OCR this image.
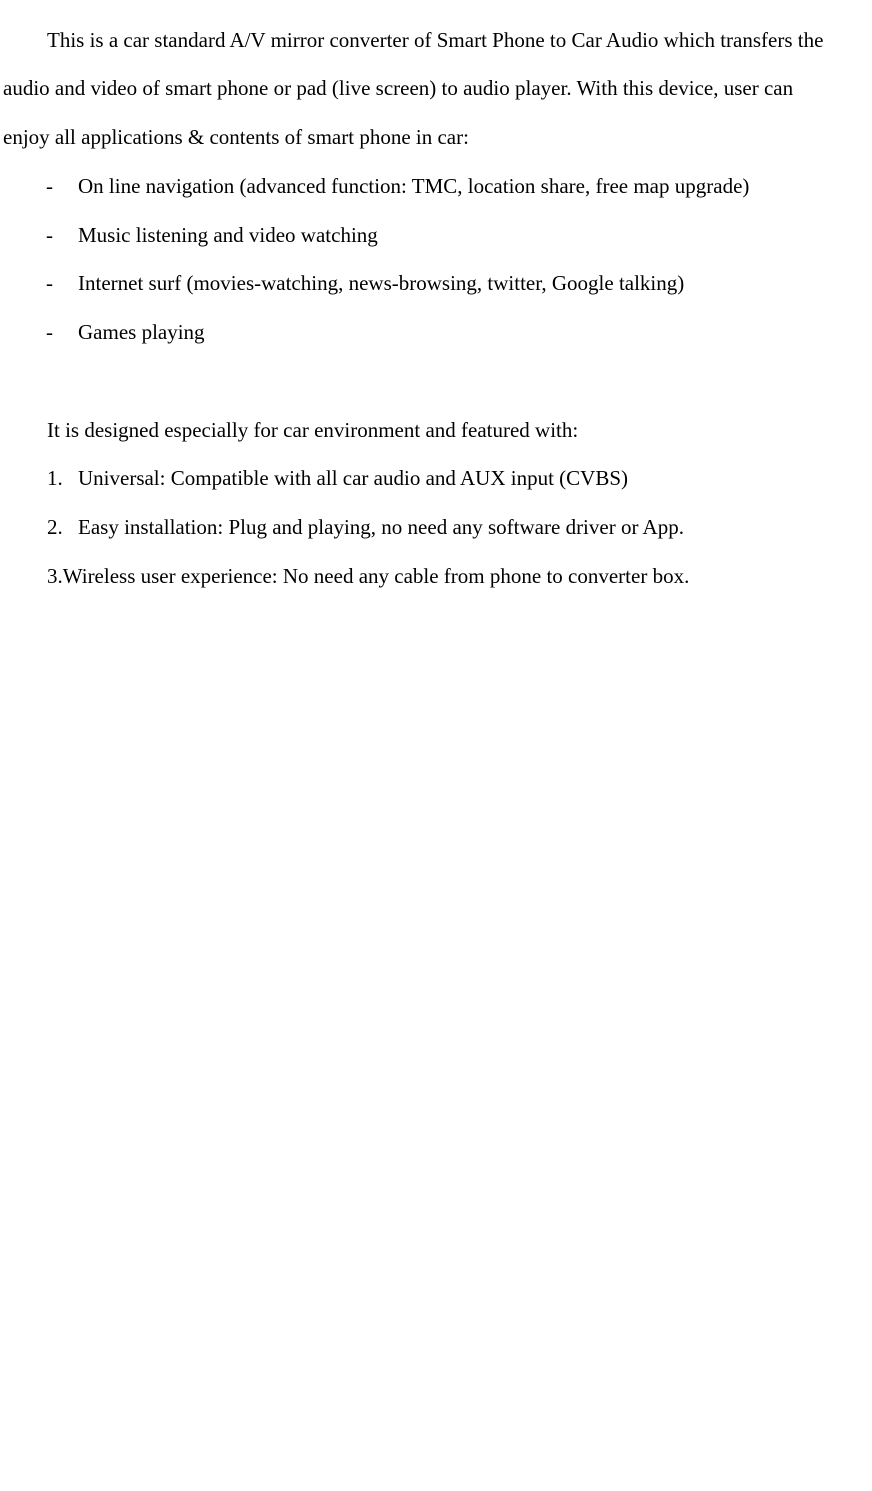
This is a car standard A/V mirror converter of Smart Phone to Car Audio which transfers the
audio and video of smart phone or pad (live screen) to audio player. With this device, user can
enjoy all applications & contents of smart phone in car:
- On line navigation (advanced function: TMC, location share, free map upgrade)
- Music listening and video watching
- Internet surf (movies-watching, news-browsing, twitter, Google talking)
- Games playing
It is designed especially for car environment and featured with:
1. Universal: Compatible with all car audio and AUX input (CVBS)
2. Easy installation: Plug and playing, no need any software driver or App.
3.Wireless user experience: No need any cable from phone to converter box.
